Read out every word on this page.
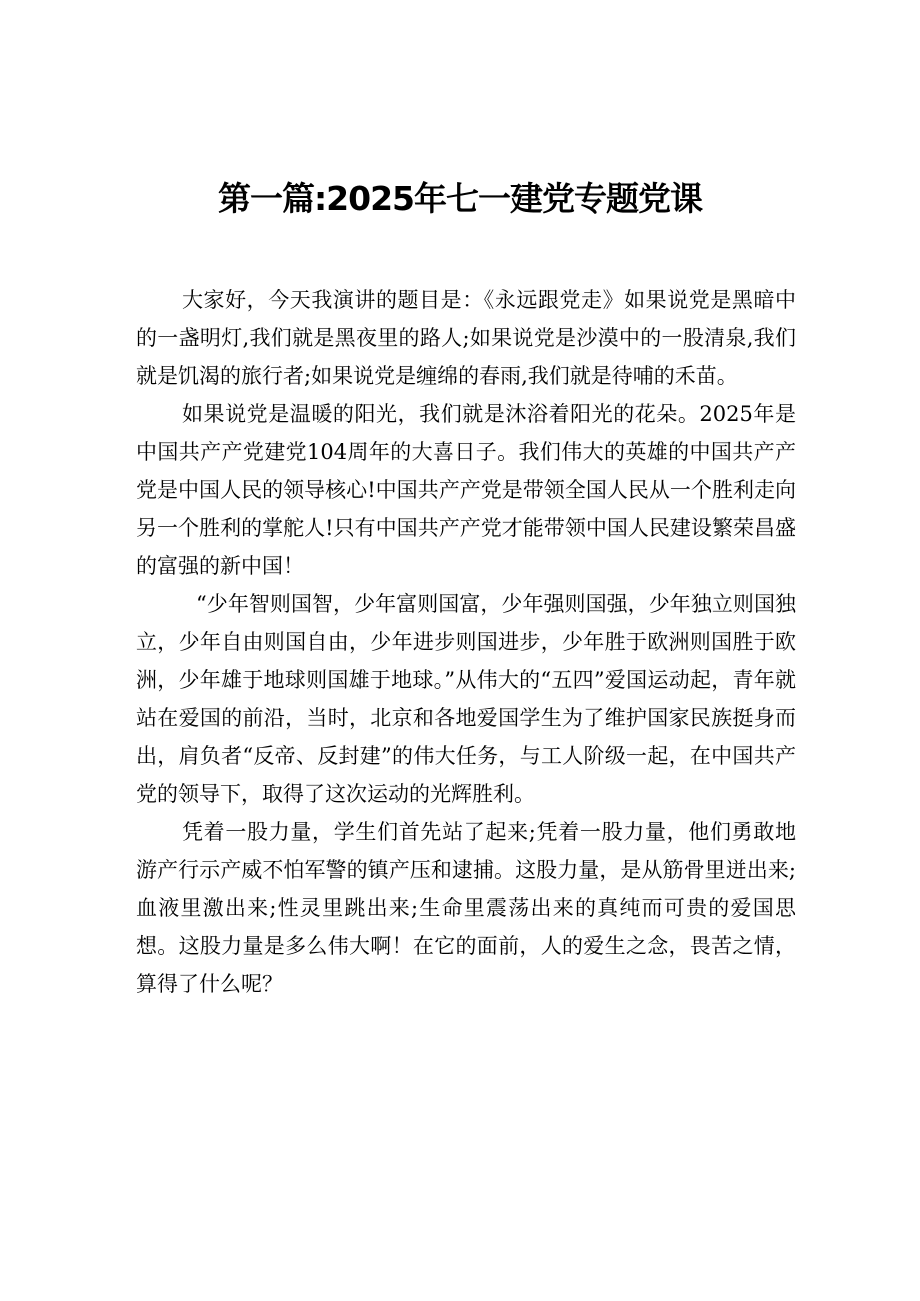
第一篇:2025年七一建党专题党课

大家好，今天我演讲的题目是：《永远跟党走》如果说党是黑暗中的一盏明灯,我们就是黑夜里的路人;如果说党是沙漠中的一股清泉,我们就是饥渴的旅行者;如果说党是缠绵的春雨,我们就是待哺的禾苗。

如果说党是温暖的阳光，我们就是沐浴着阳光的花朵。2025年是中国共产产党建党104周年的大喜日子。我们伟大的英雄的中国共产产党是中国人民的领导核心!中国共产产党是带领全国人民从一个胜利走向另一个胜利的掌舵人!只有中国共产产党才能带领中国人民建设繁荣昌盛的富强的新中国！

“少年智则国智，少年富则国富，少年强则国强，少年独立则国独立，少年自由则国自由，少年进步则国进步，少年胜于欧洲则国胜于欧洲，少年雄于地球则国雄于地球。”从伟大的“五四”爱国运动起，青年就站在爱国的前沿，当时，北京和各地爱国学生为了维护国家民族挺身而出，肩负者“反帝、反封建”的伟大任务，与工人阶级一起，在中国共产党的领导下，取得了这次运动的光辉胜利。

凭着一股力量，学生们首先站了起来;凭着一股力量，他们勇敢地游产行示产威不怕军警的镇产压和逮捕。这股力量，是从筋骨里迸出来;血液里激出来;性灵里跳出来;生命里震荡出来的真纯而可贵的爱国思想。这股力量是多么伟大啊！在它的面前，人的爱生之念，畏苦之情，算得了什么呢？
